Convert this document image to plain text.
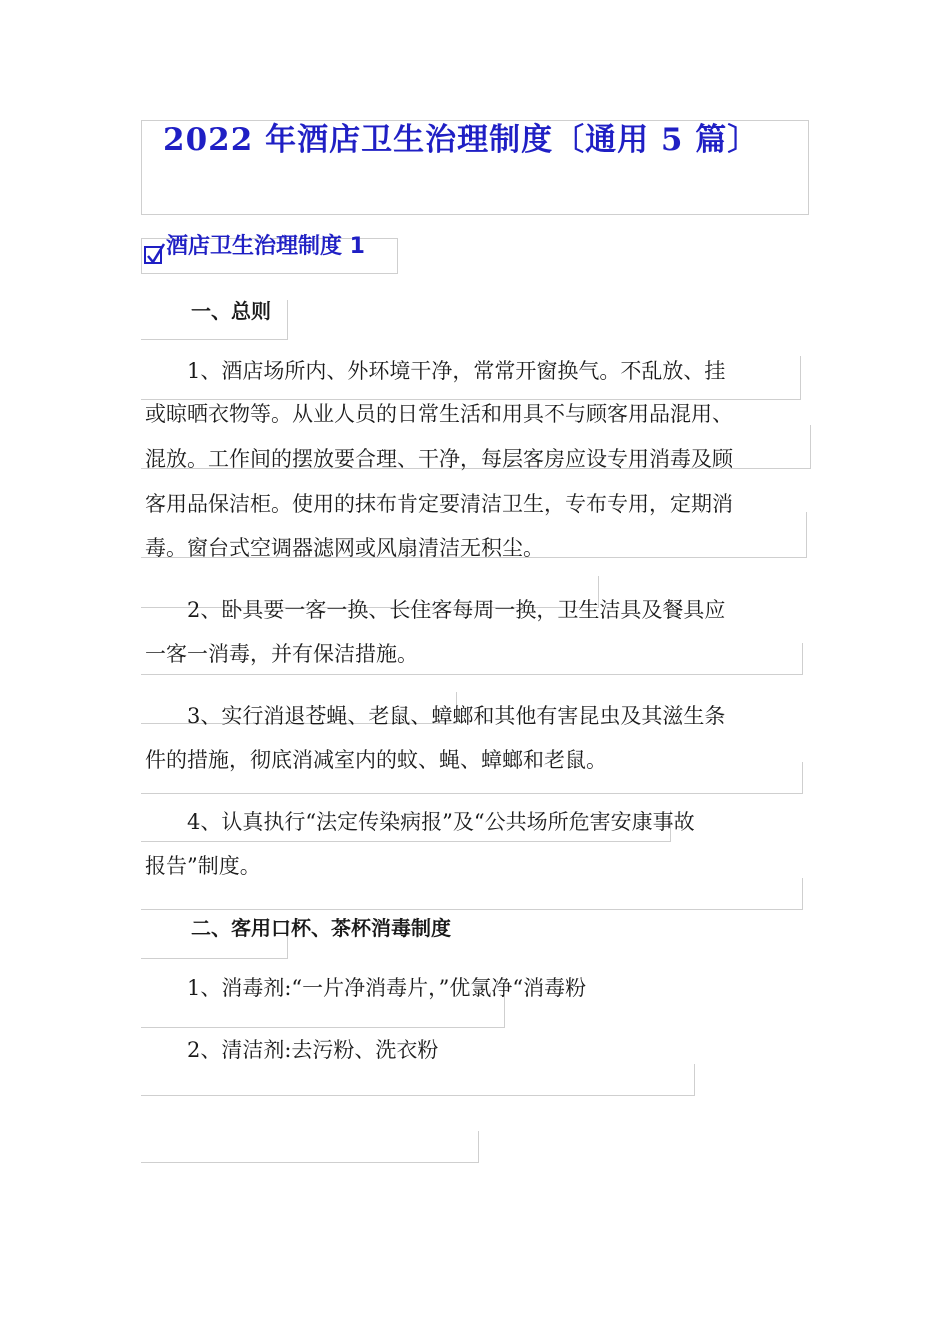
2022 年酒店卫生治理制度〔通用 5 篇〕
酒店卫生治理制度 1
一、总则
　　1、酒店场所内、外环境干净，常常开窗换气。不乱放、挂
或晾晒衣物等。从业人员的日常生活和用具不与顾客用品混用、
混放。工作间的摆放要合理、干净，每层客房应设专用消毒及顾
客用品保洁柜。使用的抹布肯定要清洁卫生，专布专用，定期消
毒。窗台式空调器滤网或风扇清洁无积尘。
　　2、卧具要一客一换、长住客每周一换，卫生洁具及餐具应
一客一消毒，并有保洁措施。
　　3、实行消退苍蝇、老鼠、蟑螂和其他有害昆虫及其滋生条
件的措施，彻底消减室内的蚊、蝇、蟑螂和老鼠。
　　4、认真执行“法定传染病报”及“公共场所危害安康事故
报告”制度。
二、客用口杯、茶杯消毒制度
　　1、消毒剂:“一片净消毒片，”优氯净“消毒粉
　　2、清洁剂:去污粉、洗衣粉
